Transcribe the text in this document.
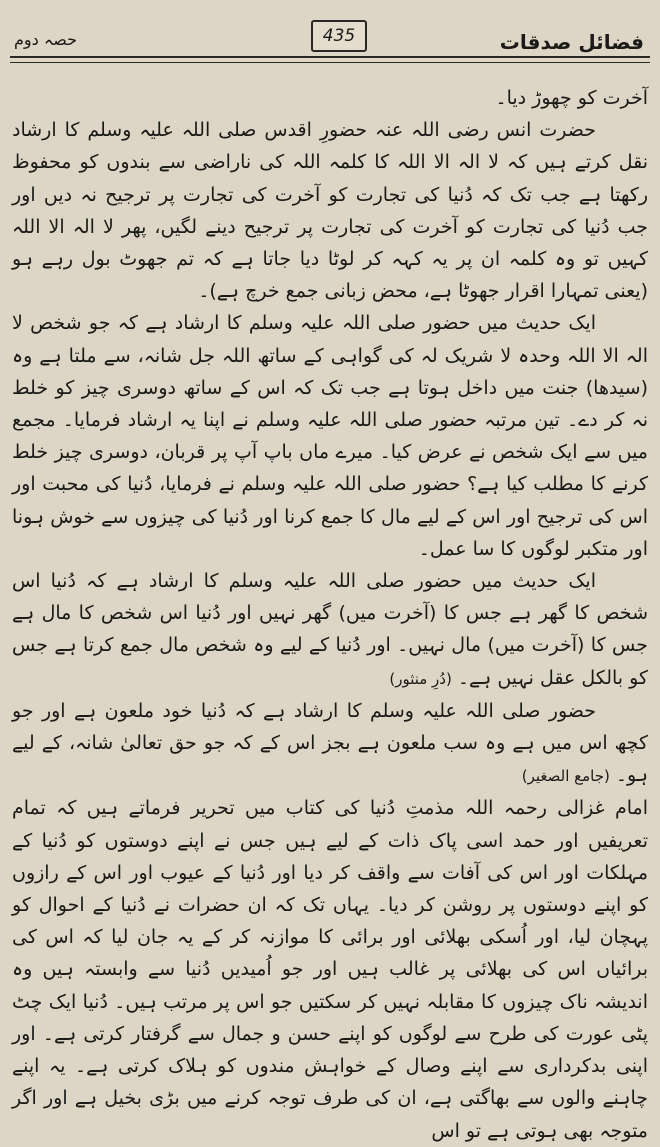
فضائل صدقات
435
حصہ دوم

آخرت کو چھوڑ دیا۔

حضرت انس رضی اللہ عنہ حضورِ اقدس صلی اللہ علیہ وسلم کا ارشاد نقل کرتے ہیں کہ لا الہ الا اللہ کا کلمہ اللہ کی ناراضی سے بندوں کو محفوظ رکھتا ہے جب تک کہ دُنیا کی تجارت کو آخرت کی تجارت پر ترجیح نہ دیں اور جب دُنیا کی تجارت کو آخرت کی تجارت پر ترجیح دینے لگیں، پھر لا الہ الا اللہ کہیں تو وہ کلمہ ان پر یہ کہہ کر لوٹا دیا جاتا ہے کہ تم جھوٹ بول رہے ہو (یعنی تمہارا اقرار جھوٹا ہے، محض زبانی جمع خرچ ہے)۔

ایک حدیث میں حضور صلی اللہ علیہ وسلم کا ارشاد ہے کہ جو شخص لا الہ الا اللہ وحدہ لا شریک لہ کی گواہی کے ساتھ اللہ جل شانہ، سے ملتا ہے وہ (سیدھا) جنت میں داخل ہوتا ہے جب تک کہ اس کے ساتھ دوسری چیز کو خلط نہ کر دے۔ تین مرتبہ حضور صلی اللہ علیہ وسلم نے اپنا یہ ارشاد فرمایا۔ مجمع میں سے ایک شخص نے عرض کیا۔ میرے ماں باپ آپ پر قربان، دوسری چیز خلط کرنے کا مطلب کیا ہے؟ حضور صلی اللہ علیہ وسلم نے فرمایا، دُنیا کی محبت اور اس کی ترجیح اور اس کے لیے مال کا جمع کرنا اور دُنیا کی چیزوں سے خوش ہونا اور متکبر لوگوں کا سا عمل۔

ایک حدیث میں حضور صلی اللہ علیہ وسلم کا ارشاد ہے کہ دُنیا اس شخص کا گھر ہے جس کا (آخرت میں) گھر نہیں اور دُنیا اس شخص کا مال ہے جس کا (آخرت میں) مال نہیں۔ اور دُنیا کے لیے وہ شخص مال جمع کرتا ہے جس کو بالکل عقل نہیں ہے۔ (دُرِ منثور)

حضور صلی اللہ علیہ وسلم کا ارشاد ہے کہ دُنیا خود ملعون ہے اور جو کچھ اس میں ہے وہ سب ملعون ہے بجز اس کے کہ جو حق تعالیٰ شانہ، کے لیے ہو۔ (جامع الصغیر)

امام غزالی رحمہ اللہ مذمتِ دُنیا کی کتاب میں تحریر فرماتے ہیں کہ تمام تعریفیں اور حمد اسی پاک ذات کے لیے ہیں جس نے اپنے دوستوں کو دُنیا کے مہلکات اور اس کی آفات سے واقف کر دیا اور دُنیا کے عیوب اور اس کے رازوں کو اپنے دوستوں پر روشن کر دیا۔ یہاں تک کہ ان حضرات نے دُنیا کے احوال کو پہچان لیا، اور اُسکی بھلائی اور برائی کا موازنہ کر کے یہ جان لیا کہ اس کی برائیاں اس کی بھلائی پر غالب ہیں اور جو اُمیدیں دُنیا سے وابستہ ہیں وہ اندیشہ ناک چیزوں کا مقابلہ نہیں کر سکتیں جو اس پر مرتب ہیں۔ دُنیا ایک چٹ پٹی عورت کی طرح سے لوگوں کو اپنے حسن و جمال سے گرفتار کرتی ہے۔ اور اپنی بدکرداری سے اپنے وصال کے خواہش مندوں کو ہلاک کرتی ہے۔ یہ اپنے چاہنے والوں سے بھاگتی ہے، ان کی طرف توجہ کرنے میں بڑی بخیل ہے اور اگر متوجہ بھی ہوتی ہے تو اس
